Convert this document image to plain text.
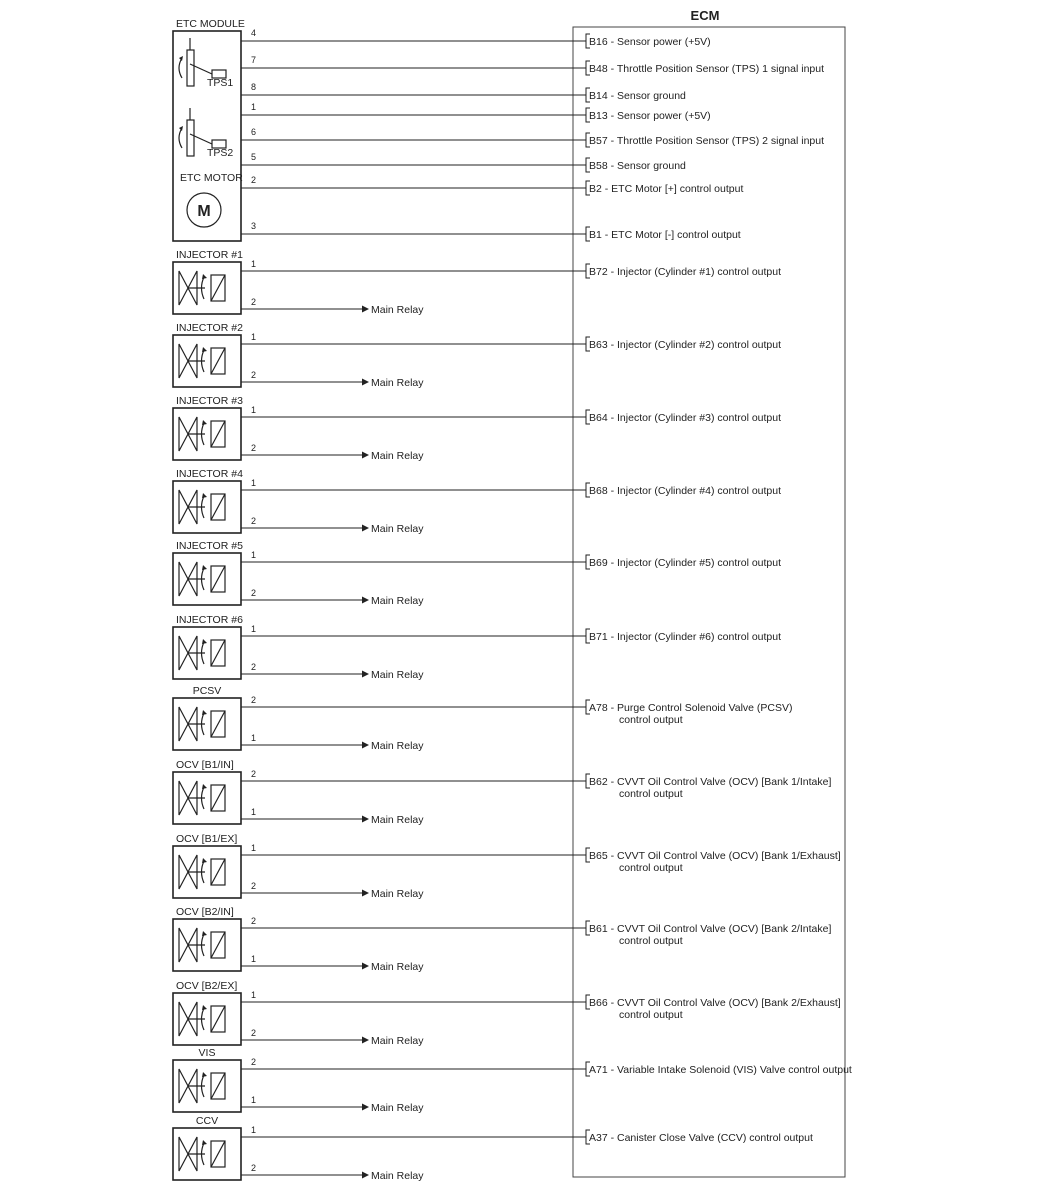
ECM
ETC MODULE
TPS1
TPS2
ETC MOTOR
M
4
B16 - Sensor power (+5V)
7
B48 - Throttle Position Sensor (TPS) 1 signal input
8
B14 - Sensor ground
1
B13 - Sensor power (+5V)
6
B57 - Throttle Position Sensor (TPS) 2 signal input
5
B58 - Sensor ground
2
B2 - ETC Motor [+] control output
3
B1 - ETC Motor [-] control output
INJECTOR #1
1
2
B72 - Injector (Cylinder #1) control output
Main Relay
INJECTOR #2
1
2
B63 - Injector (Cylinder #2) control output
Main Relay
INJECTOR #3
1
2
B64 - Injector (Cylinder #3) control output
Main Relay
INJECTOR #4
1
2
B68 - Injector (Cylinder #4) control output
Main Relay
INJECTOR #5
1
2
B69 - Injector (Cylinder #5) control output
Main Relay
INJECTOR #6
1
2
B71 - Injector (Cylinder #6) control output
Main Relay
PCSV
2
1
A78 - Purge Control Solenoid Valve (PCSV)
control output
Main Relay
OCV [B1/IN]
2
1
B62 - CVVT Oil Control Valve (OCV) [Bank 1/Intake]
control output
Main Relay
OCV [B1/EX]
1
2
B65 - CVVT Oil Control Valve (OCV) [Bank 1/Exhaust]
control output
Main Relay
OCV [B2/IN]
2
1
B61 - CVVT Oil Control Valve (OCV) [Bank 2/Intake]
control output
Main Relay
OCV [B2/EX]
1
2
B66 - CVVT Oil Control Valve (OCV) [Bank 2/Exhaust]
control output
Main Relay
VIS
2
1
A71 - Variable Intake Solenoid (VIS) Valve control output
Main Relay
CCV
1
2
A37 - Canister Close Valve (CCV) control output
Main Relay
